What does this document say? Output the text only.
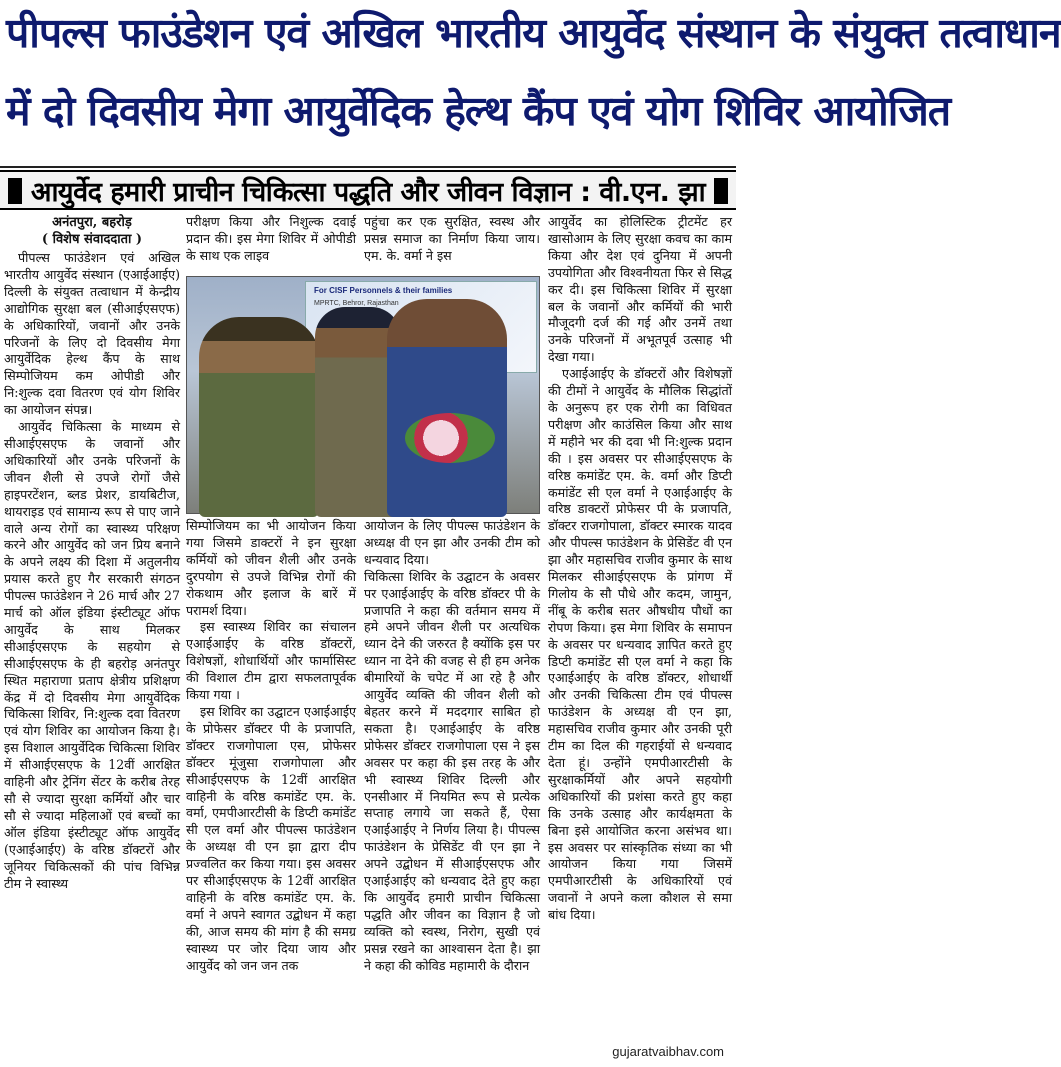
पीपल्स फाउंडेशन एवं अखिल भारतीय आयुर्वेद संस्थान के संयुक्त तत्वाधान
में दो दिवसीय मेगा आयुर्वेदिक हेल्थ कैंप एवं योग शिविर आयोजित
आयुर्वेद हमारी प्राचीन चिकित्सा पद्धति और जीवन विज्ञान : वी.एन. झा
अनंतपुरा, बहरोड़
( विशेष संवाददाता )

पीपल्स फाउंडेशन एवं अखिल भारतीय आयुर्वेद संस्थान (एआईआईए) दिल्ली के संयुक्त तत्वाधान में केन्द्रीय आद्योगिक सुरक्षा बल (सीआईएसएफ) के अधिकारियों, जवानों और उनके परिजनों के लिए दो दिवसीय मेगा आयुर्वेदिक हेल्थ कैंप के साथ सिम्पोजियम कम ओपीडी और नि:शुल्क दवा वितरण एवं योग शिविर का आयोजन संपन्न।

आयुर्वेद चिकित्सा के माध्यम से सीआईएसएफ के जवानों और अधिकारियों और उनके परिजनों के जीवन शैली से उपजे रोगों जैसे हाइपरटेंशन, ब्लड प्रेशर, डायबिटीज, थायराइड एवं सामान्य रूप से पाए जाने वाले अन्य रोगों का स्वास्थ्य परिक्षण करने और आयुर्वेद को जन प्रिय बनाने के अपने लक्ष्य की दिशा में अतुलनीय प्रयास करते हुए गैर सरकारी संगठन पीपल्स फाउंडेशन ने 26 मार्च और 27 मार्च को ऑल इंडिया इंस्टीट्यूट ऑफ आयुर्वेद के साथ मिलकर सीआईएसएफ के सहयोग से सीआईएसएफ के ही बहरोड़ अनंतपुर स्थित महाराणा प्रताप क्षेत्रीय प्रशिक्षण केंद्र में दो दिवसीय मेगा आयुर्वेदिक चिकित्सा शिविर, नि:शुल्क दवा वितरण एवं योग शिविर का आयोजन किया है। इस विशाल आयुर्वेदिक चिकित्सा शिविर में सीआईएसएफ के 12वीं आरक्षित वाहिनी और ट्रेनिंग सेंटर के करीब तेरह सौ से ज्यादा सुरक्षा कर्मियों और चार सौ से ज्यादा महिलाओं एवं बच्चों का ऑल इंडिया इंस्टीट्यूट ऑफ आयुर्वेद (एआईआईए) के वरिष्ठ डॉक्टरों और जूनियर चिकित्सकों की पांच विभिन्न टीम ने स्वास्थ्य

परीक्षण किया और निशुल्क दवाई प्रदान की। इस मेगा शिविर में ओपीडी के साथ एक लाइव

पहुंचा कर एक सुरक्षित, स्वस्थ और प्रसन्न समाज का निर्माण किया जाय। एम. के. वर्मा ने इस

For CISF Personnels & their families
MPRTC, Behror, Rajasthan

सिम्पोजियम का भी आयोजन किया गया जिसमे डाक्टरों ने इन सुरक्षा कर्मियों को जीवन शैली और उनके दुरपयोग से उपजे विभिन्न रोगों की रोकथाम और इलाज के बारें में परामर्श दिया।

इस स्वास्थ्य शिविर का संचालन एआईआईए के वरिष्ठ डॉक्टरों, विशेषज्ञों, शोधार्थियों और फार्मासिस्ट की विशाल टीम द्वारा सफलतापूर्वक किया गया ।

इस शिविर का उद्घाटन एआईआईए के प्रोफेसर डॉक्टर पी के प्रजापति, डॉक्टर राजगोपाला एस, प्रोफेसर डॉक्टर मूंजुसा राजगोपाला और सीआईएसएफ के 12वीं आरक्षित वाहिनी के वरिष्ठ कमांडेंट एम. के. वर्मा, एमपीआरटीसी के डिप्टी कमांडेंट सी एल वर्मा और पीपल्स फाउंडेशन के अध्यक्ष वी एन झा द्वारा दीप प्रज्वलित कर किया गया। इस अवसर पर सीआईएसएफ के 12वीं आरक्षित वाहिनी के वरिष्ठ कमांडेंट एम. के. वर्मा ने अपने स्वागत उद्बोधन में कहा की, आज समय की मांग है की समग्र स्वास्थ्य पर जोर दिया जाय और आयुर्वेद को जन जन तक

आयोजन के लिए पीपल्स फाउंडेशन के अध्यक्ष वी एन झा और उनकी टीम को धन्यवाद दिया।

चिकित्सा शिविर के उद्घाटन के अवसर पर एआईआईए के वरिष्ठ डॉक्टर पी के प्रजापति ने कहा की वर्तमान समय में हमे अपने जीवन शैली पर अत्यधिक ध्यान देने की जरुरत है क्योंकि इस पर ध्यान ना देने की वजह से ही हम अनेक बीमारियों के चपेट में आ रहे है और आयुर्वेद व्यक्ति की जीवन शैली को बेहतर करने में मददगार साबित हो सकता है। एआईआईए के वरिष्ठ प्रोफेसर डॉक्टर राजगोपाला एस ने इस अवसर पर कहा की इस तरह के और भी स्वास्थ्य शिविर दिल्ली और एनसीआर में नियमित रूप से प्रत्येक सप्ताह लगाये जा सकते हैं, ऐसा एआईआईए ने निर्णय लिया है। पीपल्स फाउंडेशन के प्रेसिडेंट वी एन झा ने अपने उद्बोधन में सीआईएसएफ और एआईआईए को धन्यवाद देते हुए कहा कि आयुर्वेद हमारी प्राचीन चिकित्सा पद्धति और जीवन का विज्ञान है जो व्यक्ति को स्वस्थ, निरोग, सुखी एवं प्रसन्न रखने का आश्वासन देता है। झा ने कहा की कोविड महामारी के दौरान

आयुर्वेद का होलिस्टिक ट्रीटमेंट हर खासोआम के लिए सुरक्षा कवच का काम किया और देश एवं दुनिया में अपनी उपयोगिता और विश्वनीयता फिर से सिद्ध कर दी। इस चिकित्सा शिविर में सुरक्षा बल के जवानों और कर्मियों की भारी मौजूदगी दर्ज की गई और उनमें तथा उनके परिजनों में अभूतपूर्व उत्साह भी देखा गया।

एआईआईए के डॉक्टरों और विशेषज्ञों की टीमों ने आयुर्वेद के मौलिक सिद्धांतों के अनुरूप हर एक रोगी का विधिवत परीक्षण और काउंसिल किया और साथ में महीने भर की दवा भी नि:शुल्क प्रदान की । इस अवसर पर सीआईएसएफ के वरिष्ठ कमांडेंट एम. के. वर्मा और डिप्टी कमांडेंट सी एल वर्मा ने एआईआईए के वरिष्ठ डाक्टरों प्रोफेसर पी के प्रजापति, डॉक्टर राजगोपाला, डॉक्टर स्मारक यादव और पीपल्स फाउंडेशन के प्रेसिडेंट वी एन झा और महासचिव राजीव कुमार के साथ मिलकर सीआईएसएफ के प्रांगण में गिलोय के सौ पौधे और कदम, जामुन, नींबू के करीब सतर औषधीय पौधों का रोपण किया। इस मेगा शिविर के समापन के अवसर पर धन्यवाद ज्ञापित करते हुए डिप्टी कमांडेंट सी एल वर्मा ने कहा कि एआईआईए के वरिष्ठ डॉक्टर, शोधार्थी और उनकी चिकित्सा टीम एवं पीपल्स फाउंडेशन के अध्यक्ष वी एन झा, महासचिव राजीव कुमार और उनकी पूरी टीम का दिल की गहराईयों से धन्यवाद देता हूं। उन्होंने एमपीआरटीसी के सुरक्षाकर्मियों और अपने सहयोगी अधिकारियों की प्रशंसा करते हुए कहा कि उनके उत्साह और कार्यक्षमता के बिना इसे आयोजित करना असंभव था। इस अवसर पर सांस्कृतिक संध्या का भी आयोजन किया गया जिसमें एमपीआरटीसी के अधिकारियों एवं जवानों ने अपने कला कौशल से समा बांध दिया।

gujaratvaibhav.com
